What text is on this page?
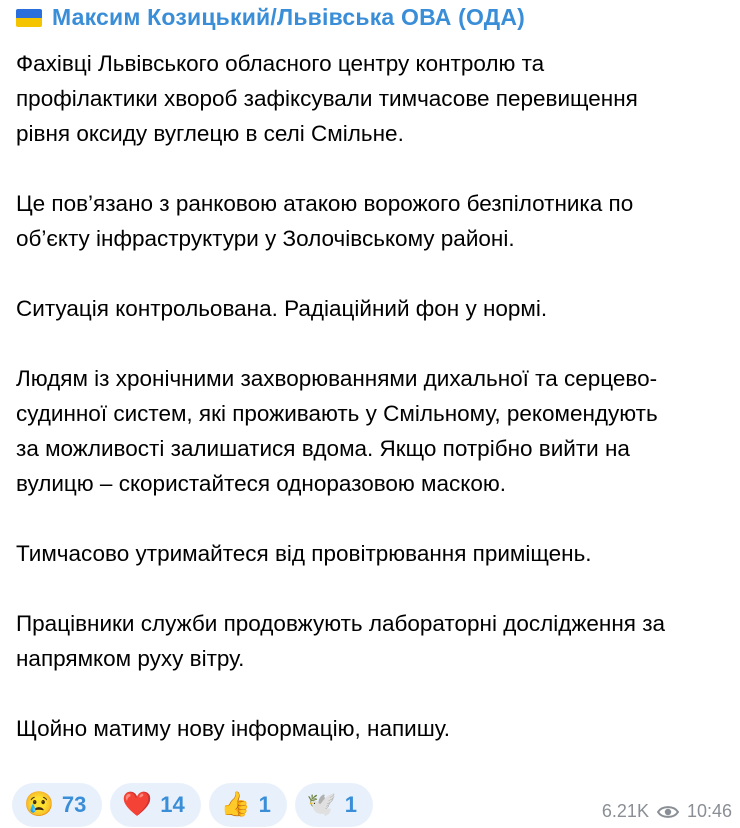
Максим Козицький/Львівська ОВА (ОДА)

Фахівці Львівського обласного центру контролю та
профілактики хвороб зафіксували тимчасове перевищення
рівня оксиду вуглецю в селі Смільне.

Це пов’язано з ранковою атакою ворожого безпілотника по
об’єкту інфраструктури у Золочівському районі.

Ситуація контрольована. Радіаційний фон у нормі.

Людям із хронічними захворюваннями дихальної та серцево-
судинної систем, які проживають у Смільному, рекомендують
за можливості залишатися вдома. Якщо потрібно вийти на
вулицю – скористайтеся одноразовою маскою.

Тимчасово утримайтеся від провітрювання приміщень.

Працівники служби продовжують лабораторні дослідження за
напрямком руху вітру.

Щойно матиму нову інформацію, напишу.

😢 73 ❤️ 14 👍 1 🕊️ 1	6.21K 10:46
